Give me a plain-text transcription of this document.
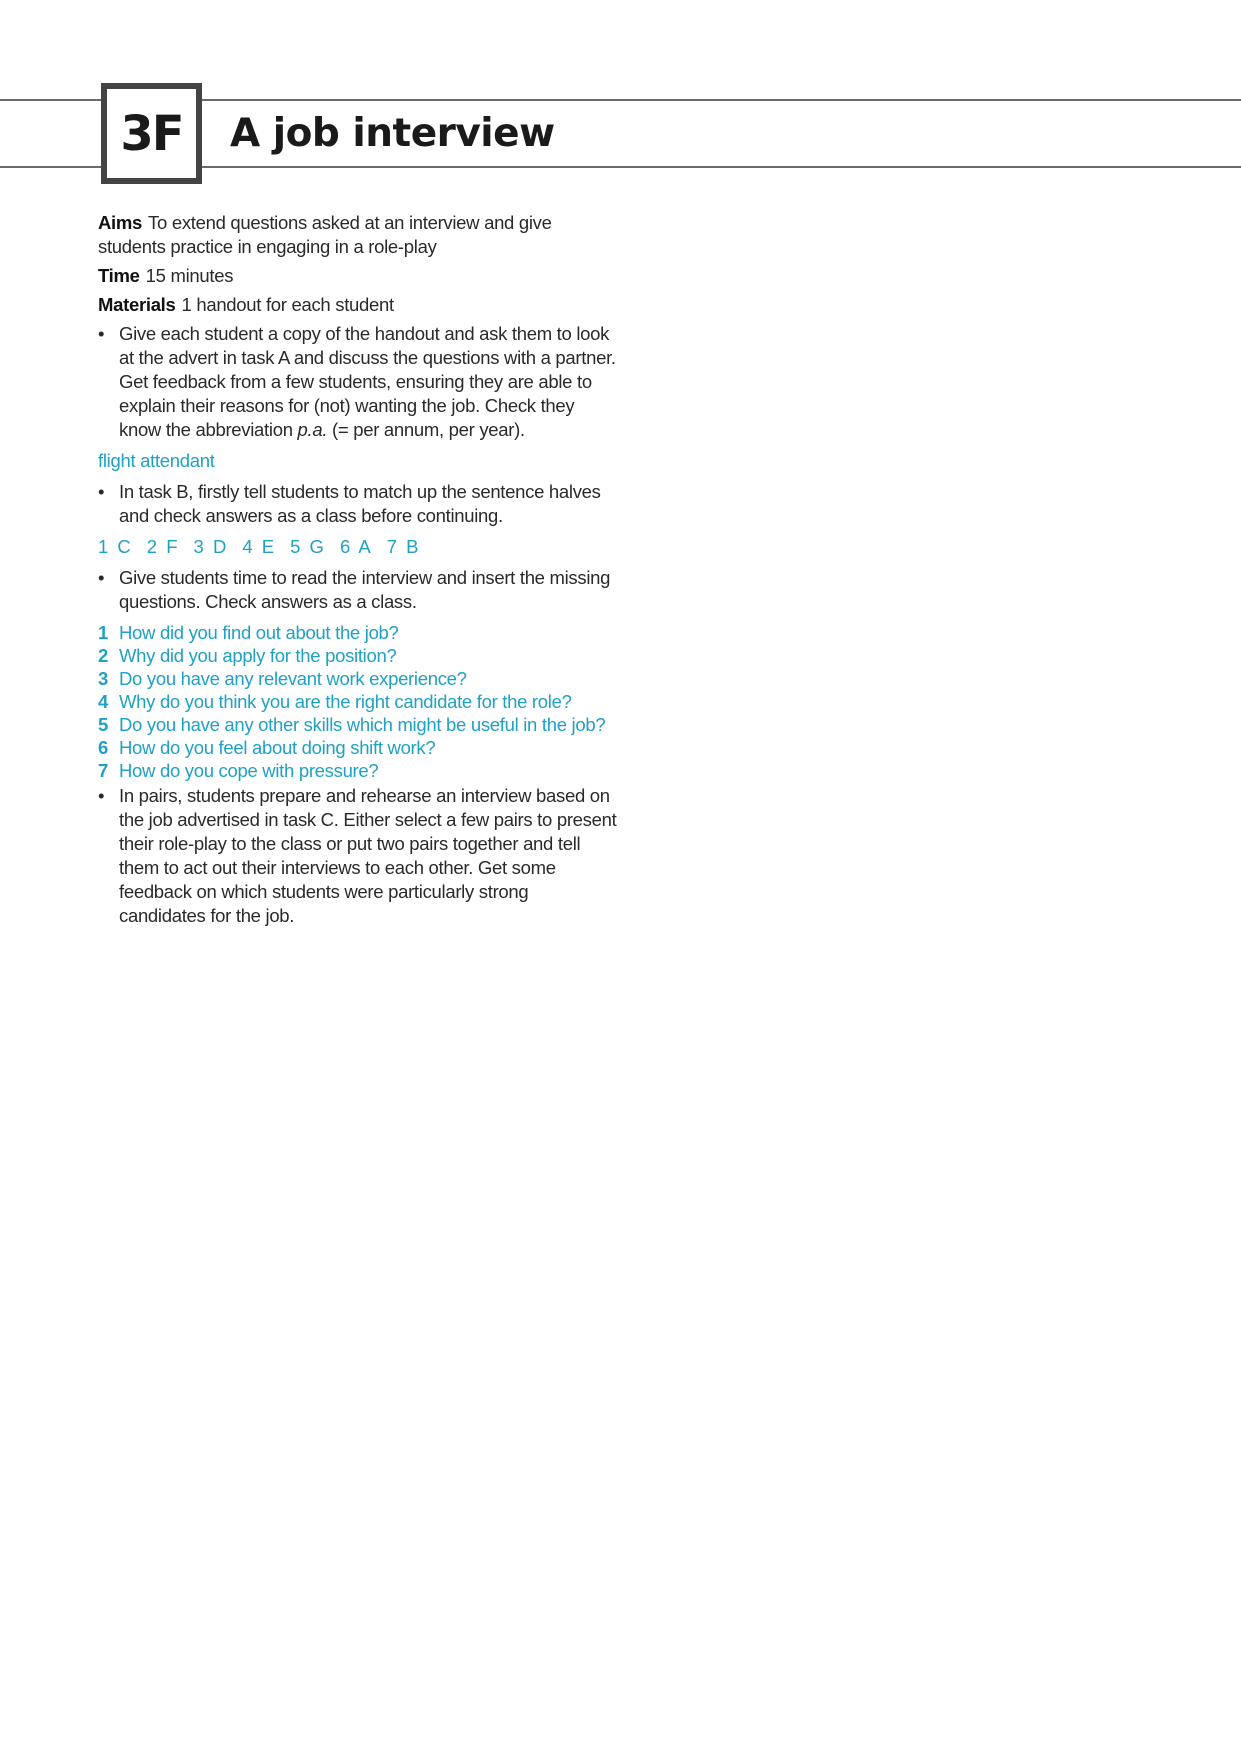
3F A job interview

Aims To extend questions asked at an interview and give students practice in engaging in a role-play

Time 15 minutes

Materials 1 handout for each student

• Give each student a copy of the handout and ask them to look at the advert in task A and discuss the questions with a partner. Get feedback from a few students, ensuring they are able to explain their reasons for (not) wanting the job. Check they know the abbreviation p.a. (= per annum, per year).
flight attendant
• In task B, firstly tell students to match up the sentence halves and check answers as a class before continuing.
1 C 2 F 3 D 4 E 5 G 6 A 7 B
• Give students time to read the interview and insert the missing questions. Check answers as a class.
1 How did you find out about the job?
2 Why did you apply for the position?
3 Do you have any relevant work experience?
4 Why do you think you are the right candidate for the role?
5 Do you have any other skills which might be useful in the job?
6 How do you feel about doing shift work?
7 How do you cope with pressure?
• In pairs, students prepare and rehearse an interview based on the job advertised in task C. Either select a few pairs to present their role-play to the class or put two pairs together and tell them to act out their interviews to each other. Get some feedback on which students were particularly strong candidates for the job.
